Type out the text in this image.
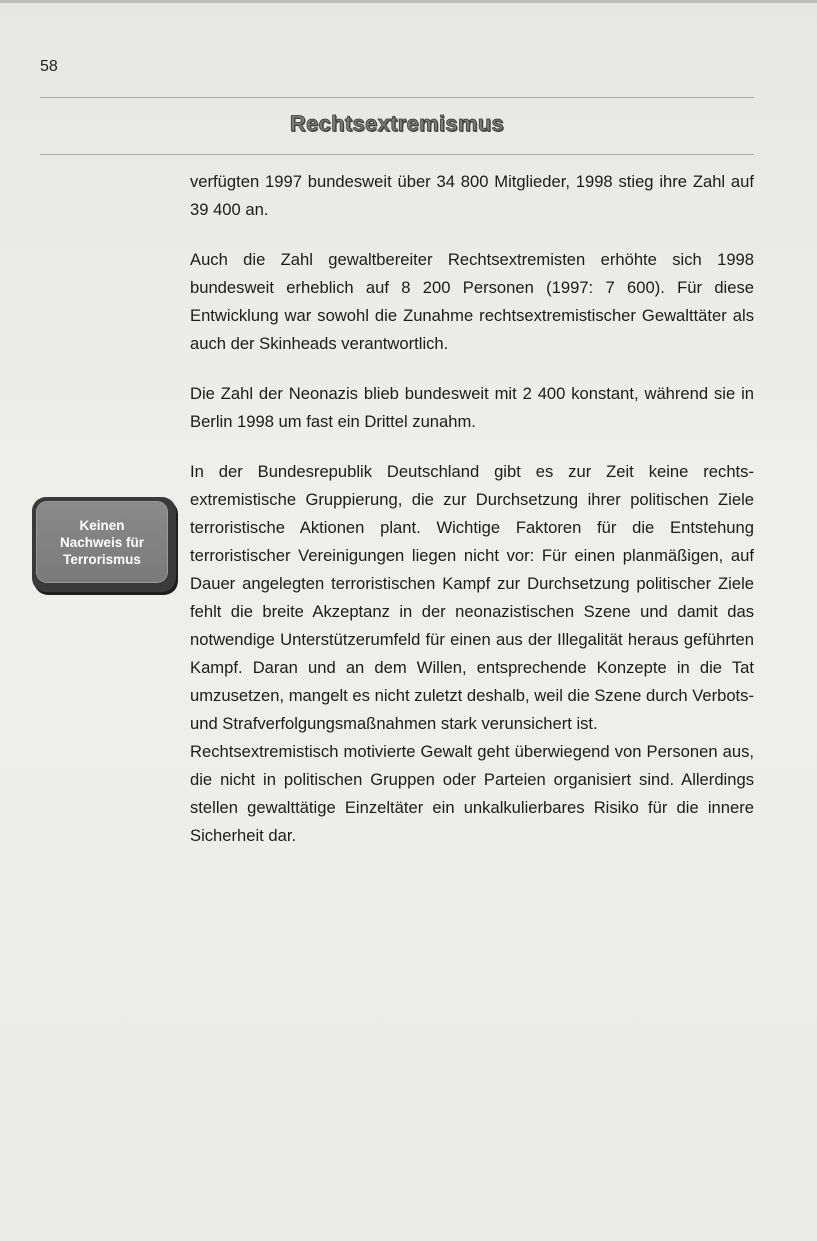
58
Rechtsextremismus
Keinen
Nachweis für
Terrorismus

verfügten 1997 bundesweit über 34 800 Mitglieder, 1998 stieg ihre Zahl auf 39 400 an.

Auch die Zahl gewaltbereiter Rechtsextremisten erhöhte sich 1998 bundesweit erheblich auf 8 200 Personen (1997: 7 600). Für diese Entwicklung war sowohl die Zunahme rechtsextremistischer Gewalttäter als auch der Skinheads verantwortlich.

Die Zahl der Neonazis blieb bundesweit mit 2 400 konstant, während sie in Berlin 1998 um fast ein Drittel zunahm.

In der Bundesrepublik Deutschland gibt es zur Zeit keine rechtsextremistische Gruppierung, die zur Durchsetzung ihrer politischen Ziele terroristische Aktionen plant. Wichtige Faktoren für die Entstehung terroristischer Vereinigungen liegen nicht vor: Für einen planmäßigen, auf Dauer angelegten terroristischen Kampf zur Durchsetzung politischer Ziele fehlt die breite Akzeptanz in der neonazistischen Szene und damit das notwendige Unterstützerumfeld für einen aus der Illegalität heraus geführten Kampf. Daran und an dem Willen, entsprechende Konzepte in die Tat umzusetzen, mangelt es nicht zuletzt deshalb, weil die Szene durch Verbots- und Strafverfolgungsmaßnahmen stark verunsichert ist.

Rechtsextremistisch motivierte Gewalt geht überwiegend von Personen aus, die nicht in politischen Gruppen oder Parteien organisiert sind. Allerdings stellen gewalttätige Einzeltäter ein unkalkulierbares Risiko für die innere Sicherheit dar.
